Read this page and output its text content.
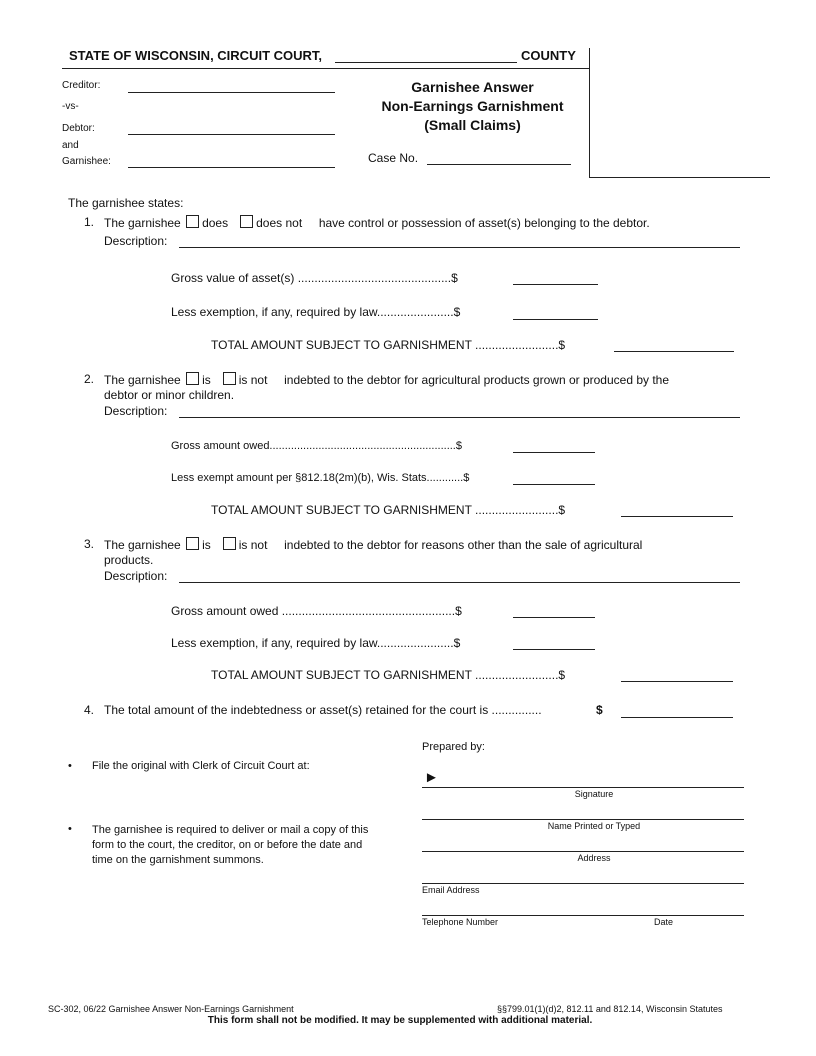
STATE OF WISCONSIN, CIRCUIT COURT,	COUNTY
Creditor:
-vs-
Debtor:
and
Garnishee:
Garnishee Answer
Non-Earnings Garnishment
(Small Claims)
Case No.
The garnishee states:
1. The garnishee does does not have control or possession of asset(s) belonging to the debtor.
Description:
Gross value of asset(s) ..............................................$
Less exemption, if any, required by law.......................$
TOTAL AMOUNT SUBJECT TO GARNISHMENT .........................$
2. The garnishee is is not indebted to the debtor for agricultural products grown or produced by the
debtor or minor children.
Description:
Gross amount owed.............................................................$
Less exempt amount per §812.18(2m)(b), Wis. Stats............$
TOTAL AMOUNT SUBJECT TO GARNISHMENT .........................$
3. The garnishee is is not indebted to the debtor for reasons other than the sale of agricultural
products.
Description:
Gross amount owed ....................................................$
Less exemption, if any, required by law.......................$
TOTAL AMOUNT SUBJECT TO GARNISHMENT .........................$
4. The total amount of the indebtedness or asset(s) retained for the court is ...............	$
• File the original with Clerk of Circuit Court at:
• The garnishee is required to deliver or mail a copy of this
form to the court, the creditor, on or before the date and
time on the garnishment summons.
Prepared by:
►
Signature
Name Printed or Typed
Address
Email Address
Telephone Number	Date
SC-302, 06/22 Garnishee Answer Non-Earnings Garnishment	§§799.01(1)(d)2, 812.11 and 812.14, Wisconsin Statutes
This form shall not be modified. It may be supplemented with additional material.
